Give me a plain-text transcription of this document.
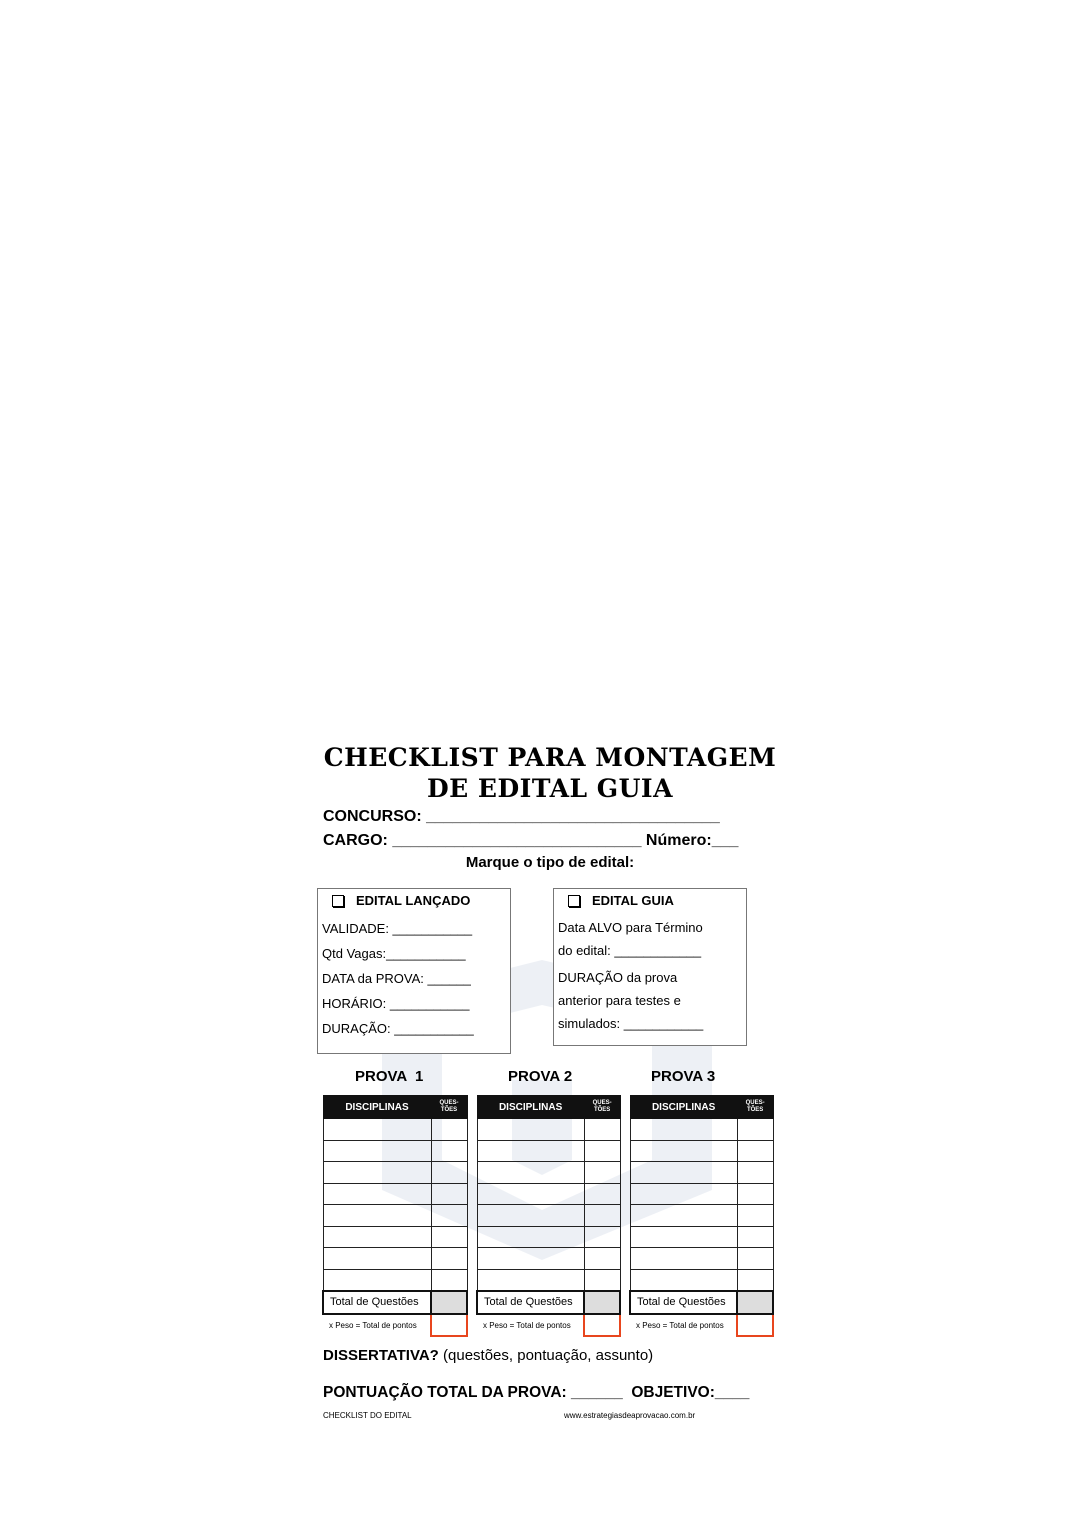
CHECKLIST PARA MONTAGEM DE EDITAL GUIA
CONCURSO: _________________________________
CARGO: ____________________________ Número:___
Marque o tipo de edital:
EDITAL LANÇADO
VALIDADE: ___________
Qtd Vagas:___________
DATA da PROVA: ______
HORÁRIO: ___________
DURAÇÃO: ___________
EDITAL GUIA
Data ALVO para Término
do edital: ____________
DURAÇÃO da prova
anterior para testes e
simulados: ___________
PROVA  1	PROVA 2	PROVA 3
DISCIPLINAS	QUES-
TÕES

Total de Questões	
x Peso = Total de pontos	
DISCIPLINAS	QUES-
TÕES

Total de Questões	
x Peso = Total de pontos	
DISCIPLINAS	QUES-
TÕES

Total de Questões	
x Peso = Total de pontos	
DISSERTATIVA? (questões, pontuação, assunto)
PONTUAÇÃO TOTAL DA PROVA: ______  OBJETIVO:____
CHECKLIST DO EDITAL	www.estrategiasdeaprovacao.com.br
